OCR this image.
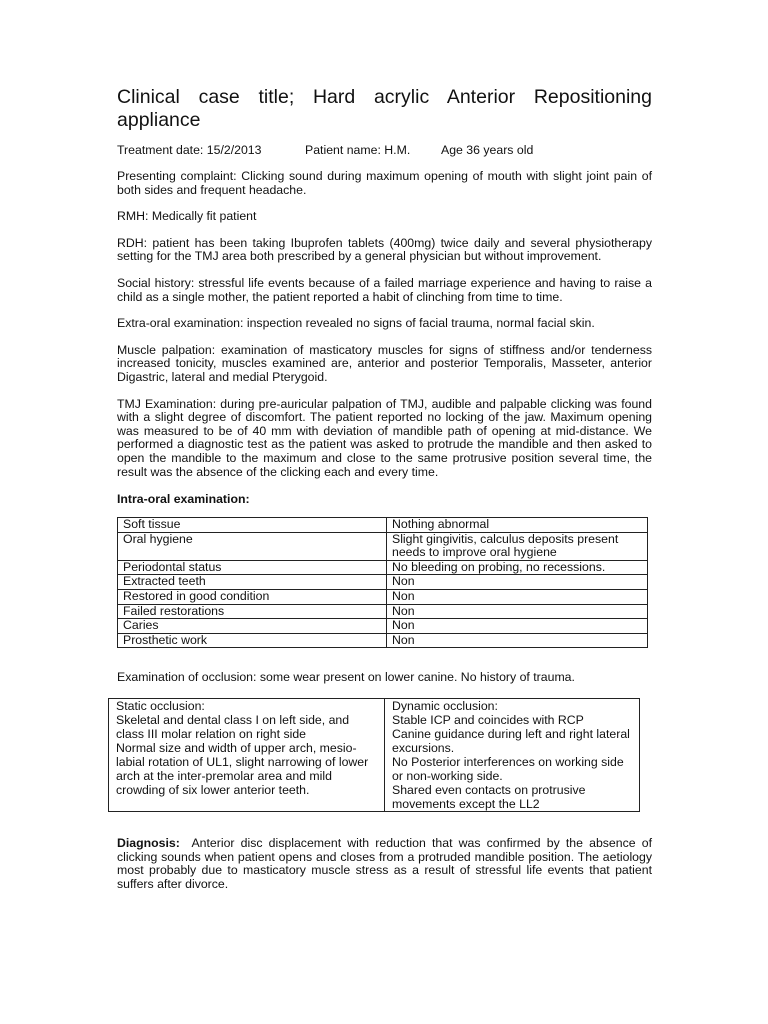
Clinical case title; Hard acrylic Anterior Repositioning appliance
Treatment date: 15/2/2013	Patient name: H.M. Age 36 years old

Presenting complaint: Clicking sound during maximum opening of mouth with slight joint pain of both sides and frequent headache.

RMH: Medically fit patient

RDH: patient has been taking Ibuprofen tablets (400mg) twice daily and several physiotherapy setting for the TMJ area both prescribed by a general physician but without improvement.

Social history: stressful life events because of a failed marriage experience and having to raise a child as a single mother, the patient reported a habit of clinching from time to time.

Extra-oral examination: inspection revealed no signs of facial trauma, normal facial skin.

Muscle palpation: examination of masticatory muscles for signs of stiffness and/or tenderness increased tonicity, muscles examined are, anterior and posterior Temporalis, Masseter, anterior Digastric, lateral and medial Pterygoid.

TMJ Examination: during pre-auricular palpation of TMJ, audible and palpable clicking was found with a slight degree of discomfort. The patient reported no locking of the jaw. Maximum opening was measured to be of 40 mm with deviation of mandible path of opening at mid-distance. We performed a diagnostic test as the patient was asked to protrude the mandible and then asked to open the mandible to the maximum and close to the same protrusive position several time, the result was the absence of the clicking each and every time.

Intra-oral examination:
Soft tissue	Nothing abnormal
Oral hygiene	Slight gingivitis, calculus deposits present needs to improve oral hygiene
Periodontal status	No bleeding on probing, no recessions.
Extracted teeth	Non
Restored in good condition	Non
Failed restorations	Non
Caries	Non
Prosthetic work	Non

Examination of occlusion: some wear present on lower canine. No history of trauma.

Static occlusion:
Skeletal and dental class I on left side, and class III molar relation on right side
Normal size and width of upper arch, mesio-labial rotation of UL1, slight narrowing of lower arch at the inter-premolar area and mild crowding of six lower anterior teeth.

Dynamic occlusion:
Stable ICP and coincides with RCP
Canine guidance during left and right lateral excursions.
No Posterior interferences on working side or non-working side.
Shared even contacts on protrusive movements except the LL2

Diagnosis: Anterior disc displacement with reduction that was confirmed by the absence of clicking sounds when patient opens and closes from a protruded mandible position. The aetiology most probably due to masticatory muscle stress as a result of stressful life events that patient suffers after divorce.
